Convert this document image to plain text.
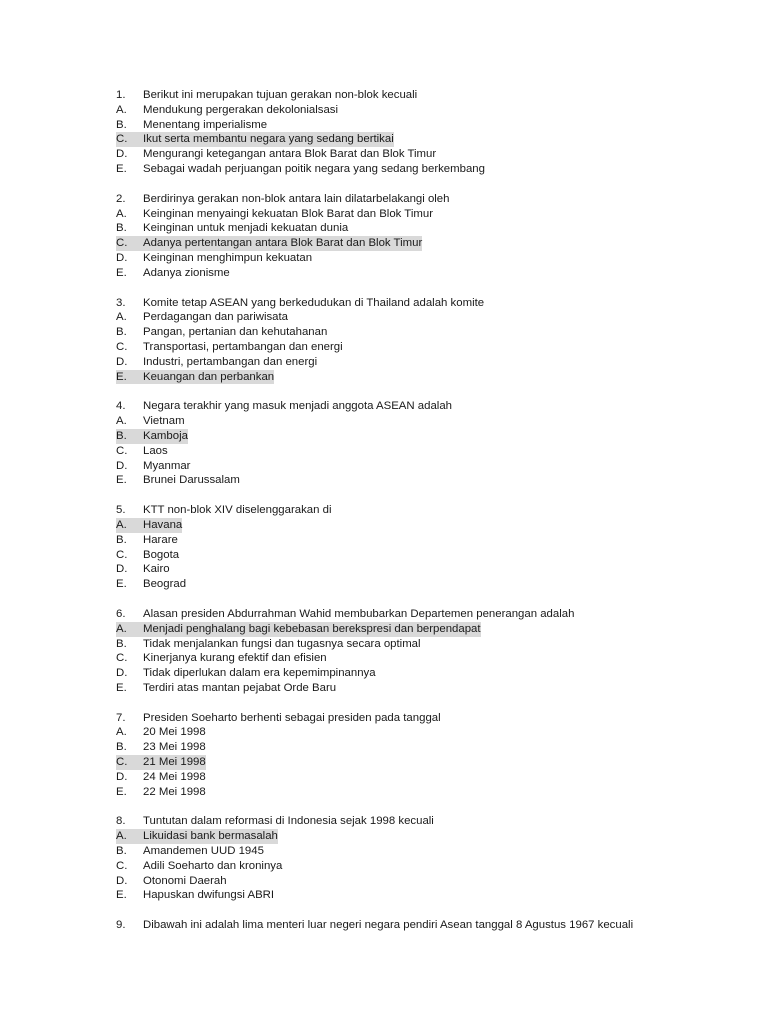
1. Berikut ini merupakan tujuan gerakan non-blok kecuali
A. Mendukung pergerakan dekolonialsasi
B. Menentang imperialisme
C. Ikut serta membantu negara yang sedang bertikai
D. Mengurangi ketegangan antara Blok Barat dan Blok Timur
E. Sebagai wadah perjuangan poitik negara yang sedang berkembang
2. Berdirinya gerakan non-blok antara lain dilatarbelakangi oleh
A. Keinginan menyaingi kekuatan Blok Barat dan Blok Timur
B. Keinginan untuk menjadi kekuatan dunia
C. Adanya pertentangan antara Blok Barat dan Blok Timur
D. Keinginan menghimpun kekuatan
E. Adanya zionisme
3. Komite tetap ASEAN yang berkedudukan di Thailand adalah komite
A. Perdagangan dan pariwisata
B. Pangan, pertanian dan kehutahanan
C. Transportasi, pertambangan dan energi
D. Industri, pertambangan dan energi
E. Keuangan dan perbankan
4. Negara terakhir yang masuk menjadi anggota ASEAN adalah
A. Vietnam
B. Kamboja
C. Laos
D. Myanmar
E. Brunei Darussalam
5. KTT non-blok XIV diselenggarakan di
A. Havana
B. Harare
C. Bogota
D. Kairo
E. Beograd
6. Alasan presiden Abdurrahman Wahid membubarkan Departemen penerangan adalah
A. Menjadi penghalang bagi kebebasan berekspresi dan berpendapat
B. Tidak menjalankan fungsi dan tugasnya secara optimal
C. Kinerjanya kurang efektif dan efisien
D. Tidak diperlukan dalam era kepemimpinannya
E. Terdiri atas mantan pejabat Orde Baru
7. Presiden Soeharto berhenti sebagai presiden pada tanggal
A. 20 Mei 1998
B. 23 Mei 1998
C. 21 Mei 1998
D. 24 Mei 1998
E. 22 Mei 1998
8. Tuntutan dalam reformasi di Indonesia sejak 1998 kecuali
A. Likuidasi bank bermasalah
B. Amandemen UUD 1945
C. Adili Soeharto dan kroninya
D. Otonomi Daerah
E. Hapuskan dwifungsi ABRI
9. Dibawah ini adalah lima menteri luar negeri negara pendiri Asean tanggal 8 Agustus 1967 kecuali
